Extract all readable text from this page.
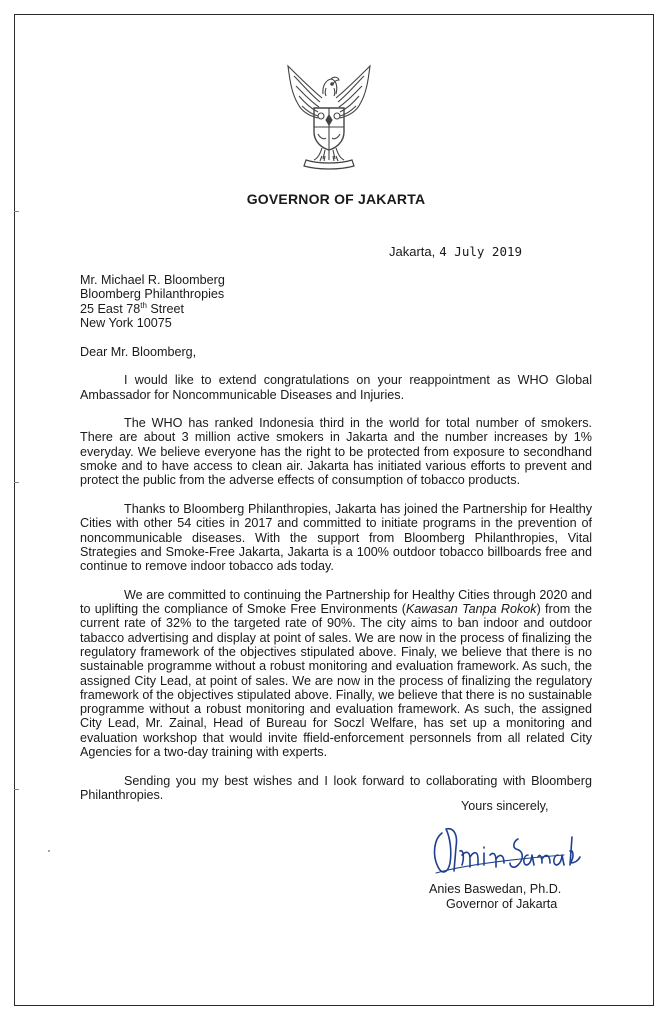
GOVERNOR OF JAKARTA
Jakarta, 4 July 2019
Mr. Michael R. Bloomberg
Bloomberg Philanthropies
25 East 78th Street
New York 10075

Dear Mr. Bloomberg,

I would like to extend congratulations on your reappointment as WHO Global Ambassador for Noncommunicable Diseases and Injuries.

The WHO has ranked Indonesia third in the world for total number of smokers. There are about 3 million active smokers in Jakarta and the number increases by 1% everyday. We believe everyone has the right to be protected from exposure to secondhand smoke and to have access to clean air. Jakarta has initiated various efforts to prevent and protect the public from the adverse effects of consumption of tobacco products.

Thanks to Bloomberg Philanthropies, Jakarta has joined the Partnership for Healthy Cities with other 54 cities in 2017 and committed to initiate programs in the prevention of noncommunicable diseases. With the support from Bloomberg Philanthropies, Vital Strategies and Smoke-Free Jakarta, Jakarta is a 100% outdoor tobacco billboards free and continue to remove indoor tobacco ads today.

We are committed to continuing the Partnership for Healthy Cities through 2020 and to uplifting the compliance of Smoke Free Environments (Kawasan Tanpa Rokok) from the current rate of 32% to the targeted rate of 90%. The city aims to ban indoor and outdoor tabacco advertising and display at point of sales. We are now in the process of finalizing the regulatory framework of the objectives stipulated above. Finaly, we believe that there is no sustainable programme without a robust monitoring and evaluation framework. As such, the assigned City Lead, at point of sales. We are now in the process of finalizing the regulatory framework of the objectives stipulated above. Finally, we believe that there is no sustainable programme without a robust monitoring and evaluation framework. As such, the assigned City Lead, Mr. Zainal, Head of Bureau for Soczl Welfare, has set up a monitoring and evaluation workshop that would invite ffield-enforcement personnels from all related City Agencies for a two-day training with experts.

Sending you my best wishes and I look forward to collaborating with Bloomberg Philanthropies.

Yours sincerely,
Anies Baswedan, Ph.D.
Governor of Jakarta
